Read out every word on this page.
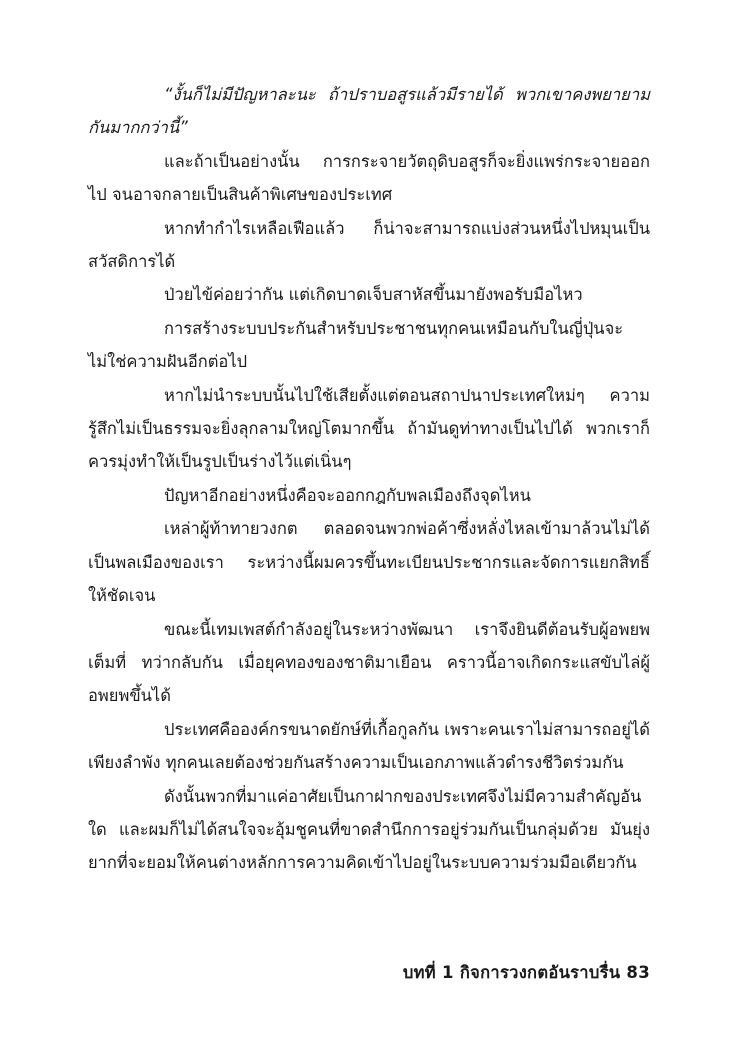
“งั้นก็ไม่มีปัญหาละนะ ถ้าปราบอสูรแล้วมีรายได้ พวกเขาคงพยายามกันมากกว่านี้”

และถ้าเป็นอย่างนั้น การกระจายวัตถุดิบอสูรก็จะยิ่งแพร่กระจายออกไป จนอาจกลายเป็นสินค้าพิเศษของประเทศ

หากทำกำไรเหลือเฟือแล้ว ก็น่าจะสามารถแบ่งส่วนหนึ่งไปหมุนเป็นสวัสดิการได้

ป่วยไข้ค่อยว่ากัน แต่เกิดบาดเจ็บสาหัสขึ้นมายังพอรับมือไหว

การสร้างระบบประกันสำหรับประชาชนทุกคนเหมือนกับในญี่ปุ่นจะไม่ใช่ความฝันอีกต่อไป

หากไม่นำระบบนั้นไปใช้เสียตั้งแต่ตอนสถาปนาประเทศใหม่ๆ ความรู้สึกไม่เป็นธรรมจะยิ่งลุกลามใหญ่โตมากขึ้น ถ้ามันดูท่าทางเป็นไปได้ พวกเราก็ควรมุ่งทำให้เป็นรูปเป็นร่างไว้แต่เนิ่นๆ

ปัญหาอีกอย่างหนึ่งคือจะออกกฎกับพลเมืองถึงจุดไหน

เหล่าผู้ท้าทายวงกต ตลอดจนพวกพ่อค้าซึ่งหลั่งไหลเข้ามาล้วนไม่ได้เป็นพลเมืองของเรา ระหว่างนี้ผมควรขึ้นทะเบียนประชากรและจัดการแยกสิทธิ์ให้ชัดเจน

ขณะนี้เทมเพสต์กำลังอยู่ในระหว่างพัฒนา เราจึงยินดีต้อนรับผู้อพยพเต็มที่ ทว่ากลับกัน เมื่อยุคทองของชาติมาเยือน คราวนี้อาจเกิดกระแสขับไล่ผู้อพยพขึ้นได้

ประเทศคือองค์กรขนาดยักษ์ที่เกื้อกูลกัน เพราะคนเราไม่สามารถอยู่ได้เพียงลำพัง ทุกคนเลยต้องช่วยกันสร้างความเป็นเอกภาพแล้วดำรงชีวิตร่วมกัน

ดังนั้นพวกที่มาแค่อาศัยเป็นกาฝากของประเทศจึงไม่มีความสำคัญอันใด และผมก็ไม่ได้สนใจจะอุ้มชูคนที่ขาดสำนึกการอยู่ร่วมกันเป็นกลุ่มด้วย มันยุ่งยากที่จะยอมให้คนต่างหลักการความคิดเข้าไปอยู่ในระบบความร่วมมือเดียวกัน

บทที่ 1 กิจการวงกตอันราบรื่น 83
